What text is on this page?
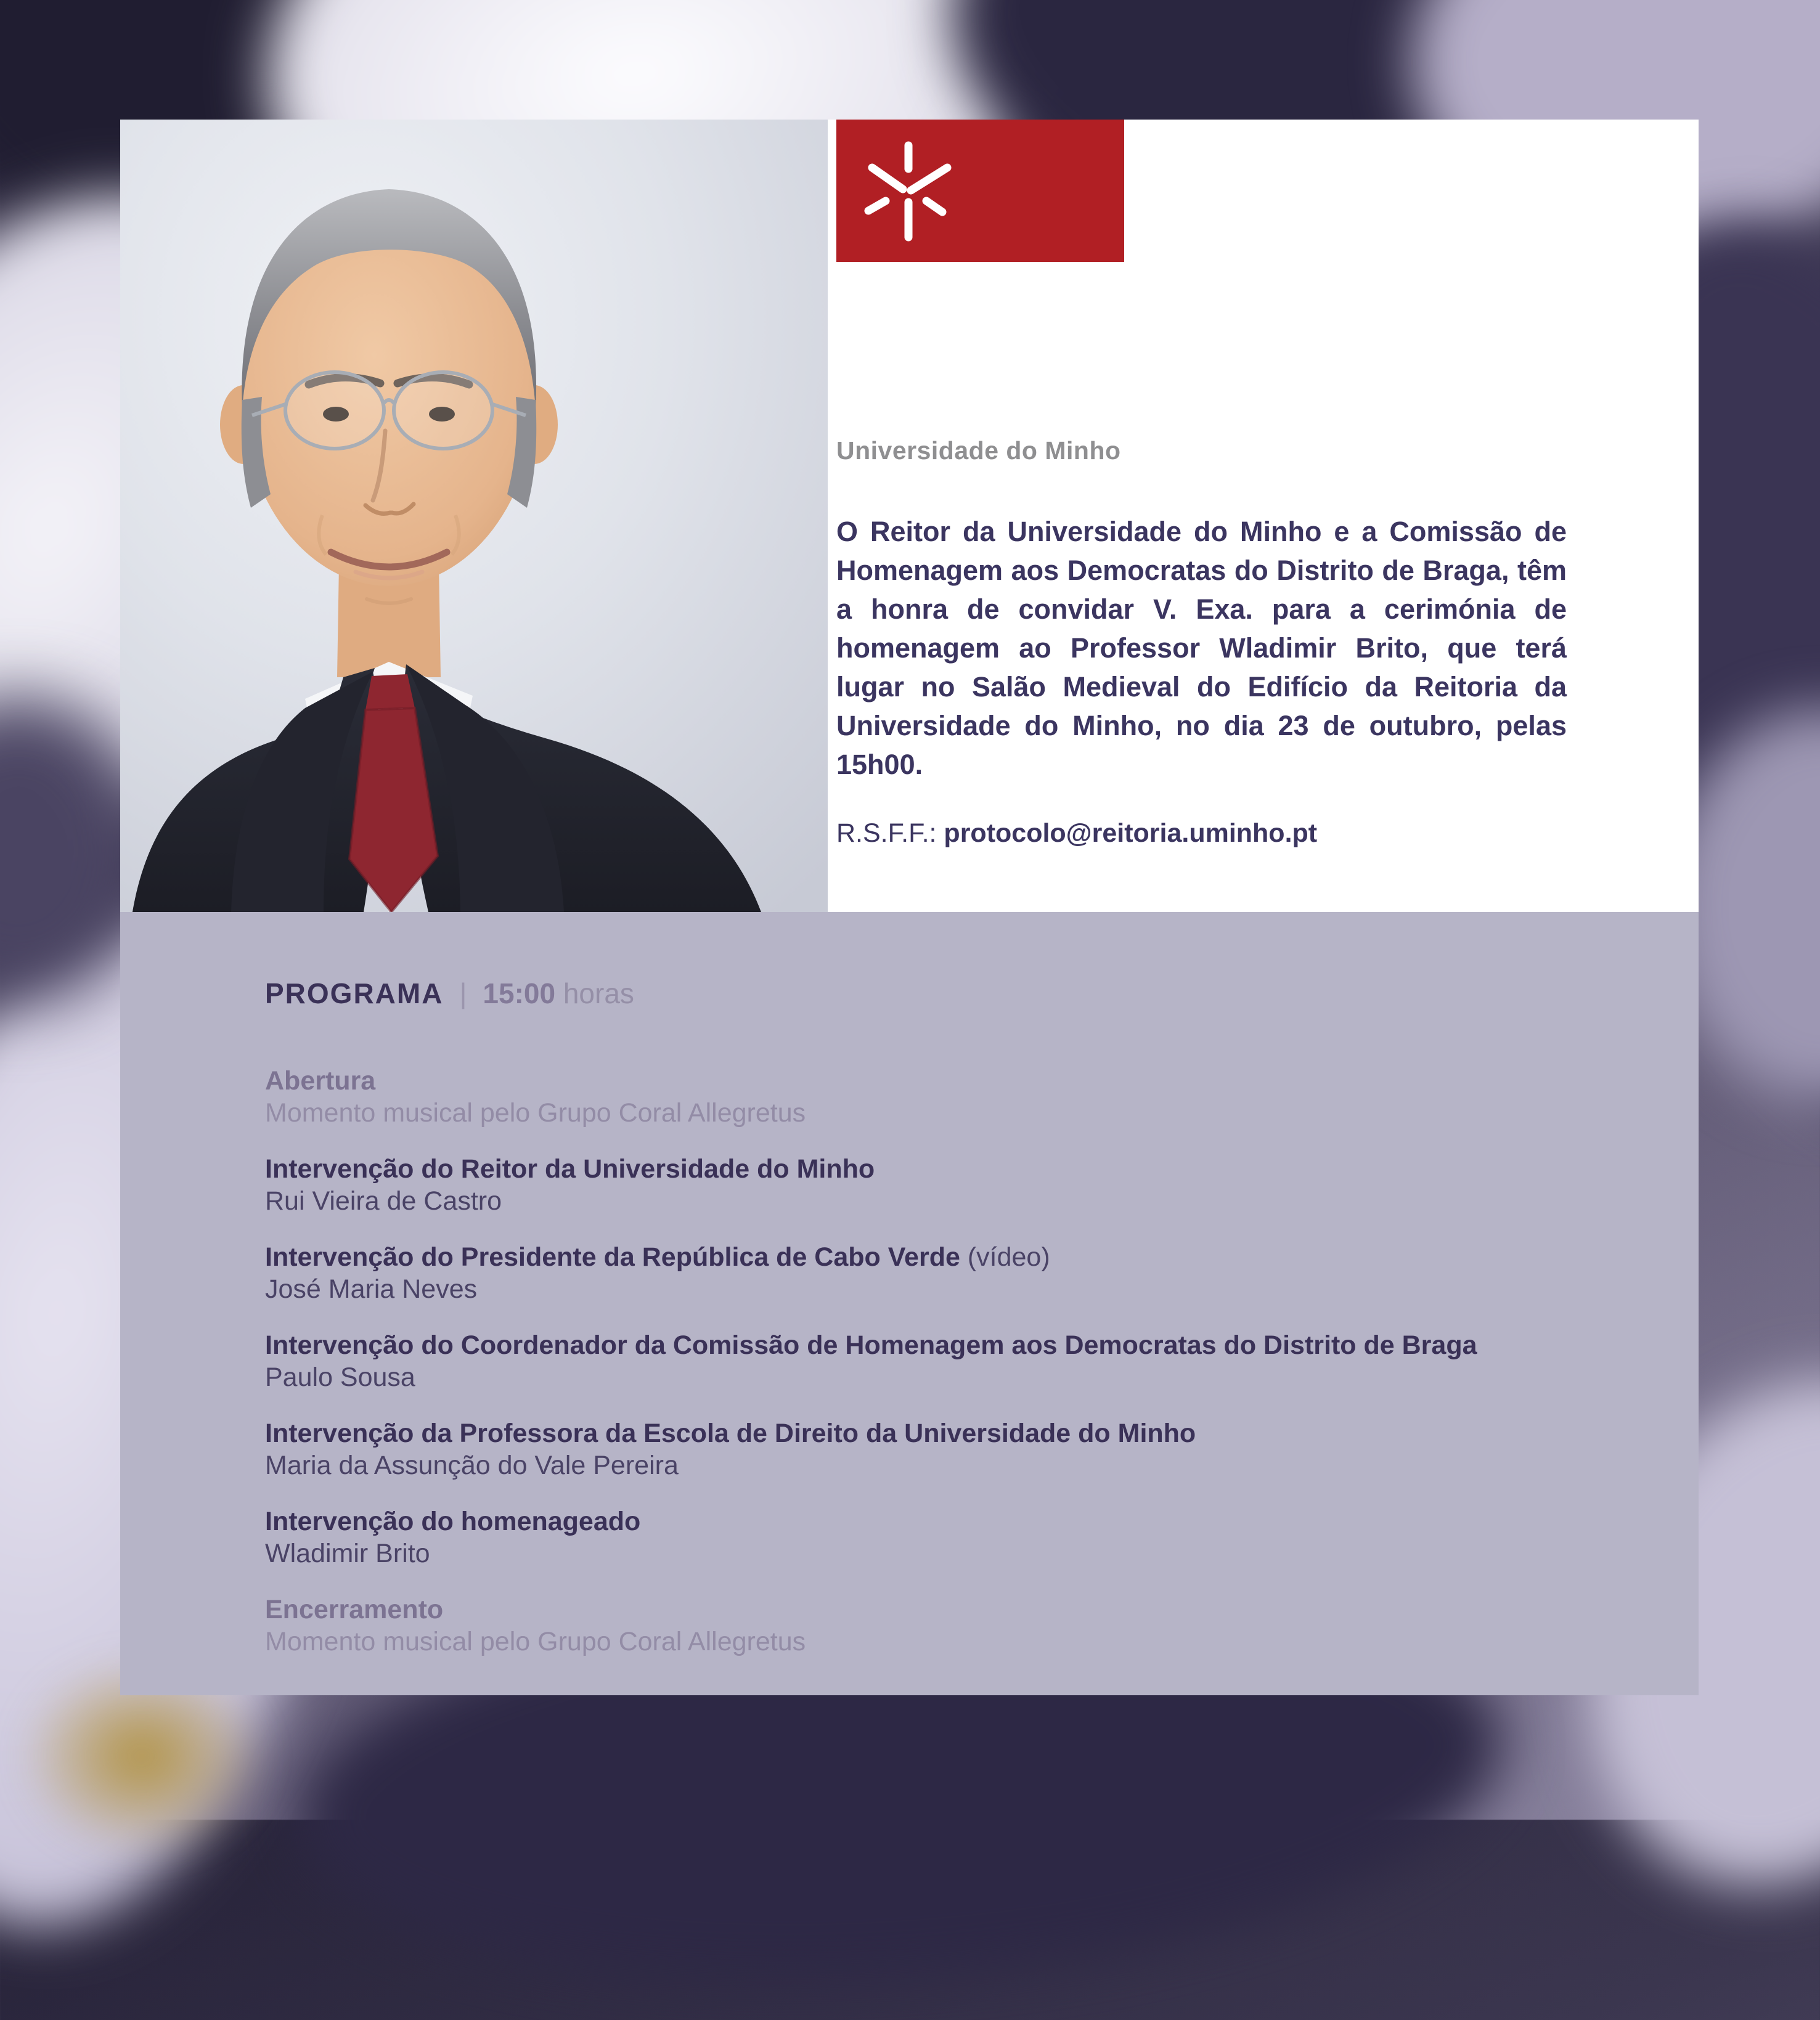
Universidade do Minho

O Reitor da Universidade do Minho e a Comissão de Homenagem aos Democratas do Distrito de Braga, têm a honra de convidar V. Exa. para a cerimónia de homenagem ao Professor Wladimir Brito, que terá lugar no Salão Medieval do Edifício da Reitoria da Universidade do Minho, no dia 23 de outubro, pelas 15h00.

R.S.F.F.: protocolo@reitoria.uminho.pt
PROGRAMA | 15:00 horas
Abertura
Momento musical pelo Grupo Coral Allegretus
Intervenção do Reitor da Universidade do Minho
Rui Vieira de Castro
Intervenção do Presidente da República de Cabo Verde (vídeo)
José Maria Neves
Intervenção do Coordenador da Comissão de Homenagem aos Democratas do Distrito de Braga
Paulo Sousa
Intervenção da Professora da Escola de Direito da Universidade do Minho
Maria da Assunção do Vale Pereira
Intervenção do homenageado
Wladimir Brito
Encerramento
Momento musical pelo Grupo Coral Allegretus
